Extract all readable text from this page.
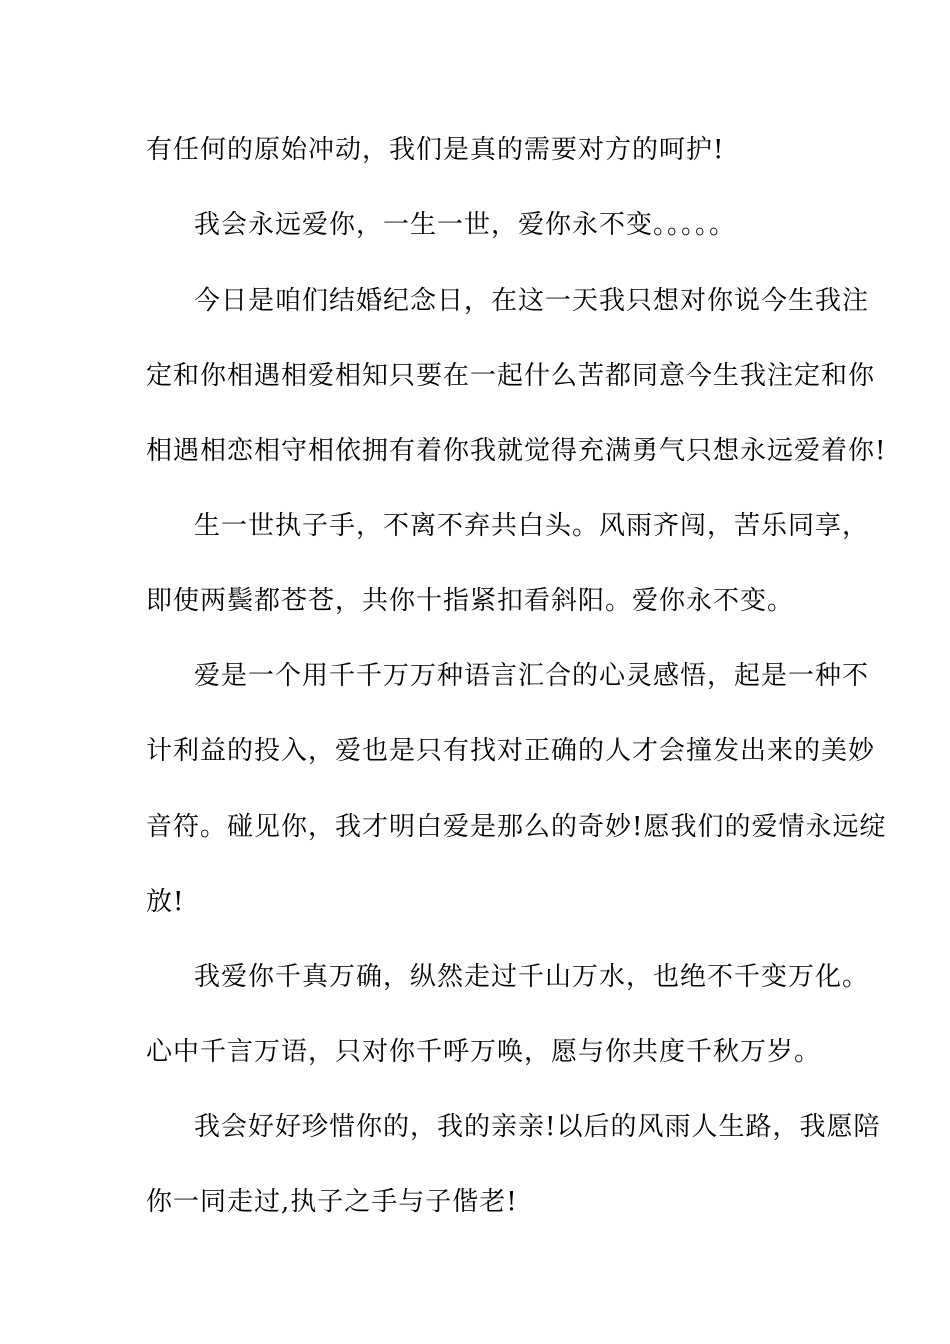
有任何的原始冲动，我们是真的需要对方的呵护!
我会永远爱你，一生一世，爱你永不变。。。。。
今日是咱们结婚纪念日，在这一天我只想对你说今生我注
定和你相遇相爱相知只要在一起什么苦都同意今生我注定和你
相遇相恋相守相依拥有着你我就觉得充满勇气只想永远爱着你!
生一世执子手，不离不弃共白头。风雨齐闯，苦乐同享，
即使两鬓都苍苍，共你十指紧扣看斜阳。爱你永不变。
爱是一个用千千万万种语言汇合的心灵感悟，起是一种不
计利益的投入，爱也是只有找对正确的人才会撞发出来的美妙
音符。碰见你，我才明白爱是那么的奇妙!愿我们的爱情永远绽
放!
我爱你千真万确，纵然走过千山万水，也绝不千变万化。
心中千言万语，只对你千呼万唤，愿与你共度千秋万岁。
我会好好珍惜你的，我的亲亲!以后的风雨人生路，我愿陪
你一同走过,执子之手与子偕老!
